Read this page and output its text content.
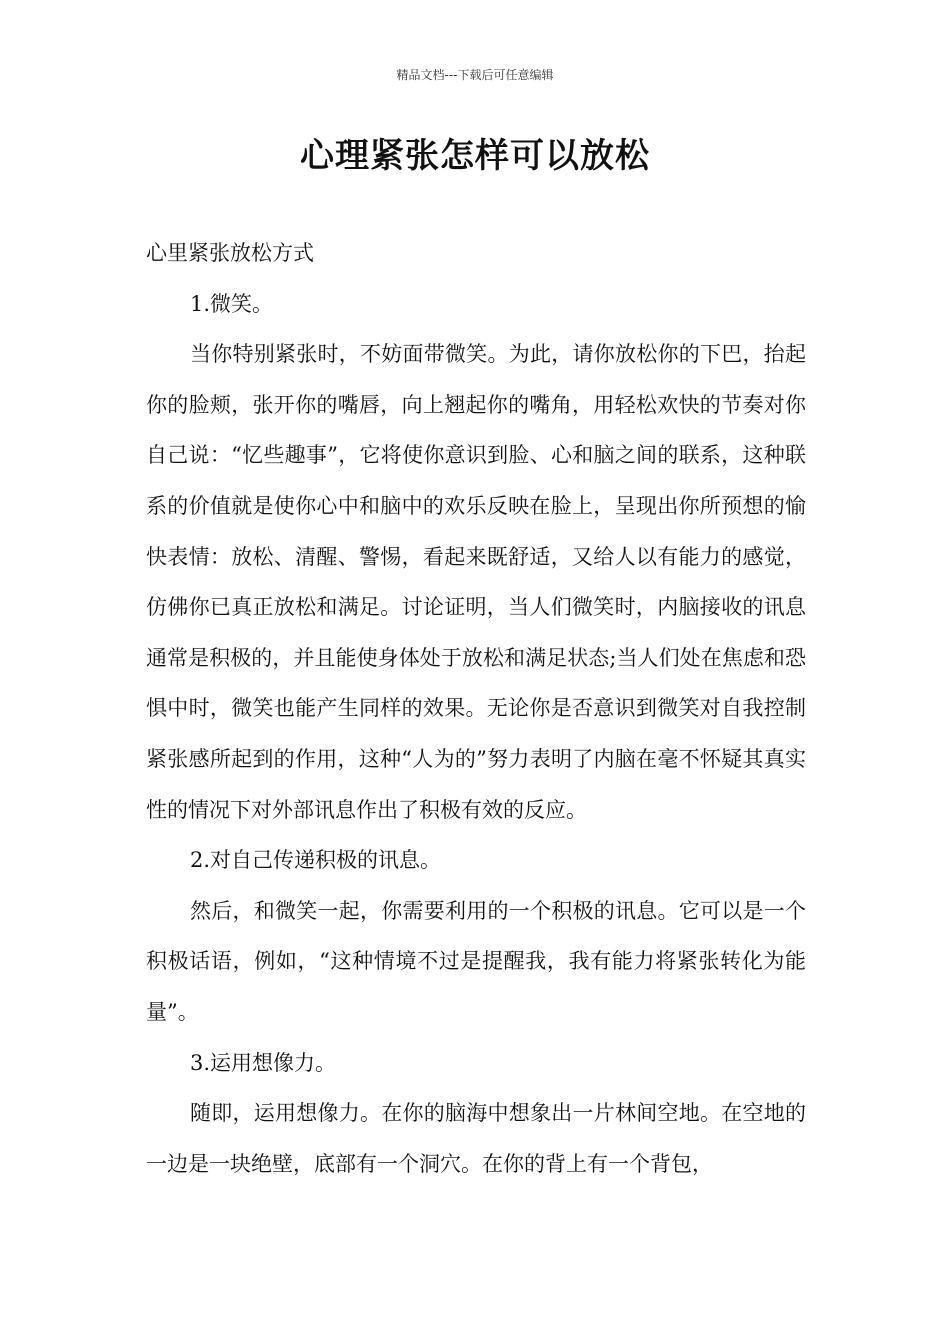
精品文档---下载后可任意编辑
心理紧张怎样可以放松

心里紧张放松方式

1.微笑。

当你特别紧张时，不妨面带微笑。为此，请你放松你的下巴，抬起你的脸颊，张开你的嘴唇，向上翘起你的嘴角，用轻松欢快的节奏对你自己说：“忆些趣事”，它将使你意识到脸、心和脑之间的联系，这种联系的价值就是使你心中和脑中的欢乐反映在脸上，呈现出你所预想的愉快表情：放松、清醒、警惕，看起来既舒适，又给人以有能力的感觉，仿佛你已真正放松和满足。讨论证明，当人们微笑时，内脑接收的讯息通常是积极的，并且能使身体处于放松和满足状态;当人们处在焦虑和恐惧中时，微笑也能产生同样的效果。无论你是否意识到微笑对自我控制紧张感所起到的作用，这种“人为的”努力表明了内脑在毫不怀疑其真实性的情况下对外部讯息作出了积极有效的反应。

2.对自己传递积极的讯息。

然后，和微笑一起，你需要利用的一个积极的讯息。它可以是一个积极话语，例如，“这种情境不过是提醒我，我有能力将紧张转化为能量”。

3.运用想像力。

随即，运用想像力。在你的脑海中想象出一片林间空地。在空地的一边是一块绝壁，底部有一个洞穴。在你的背上有一个背包，
